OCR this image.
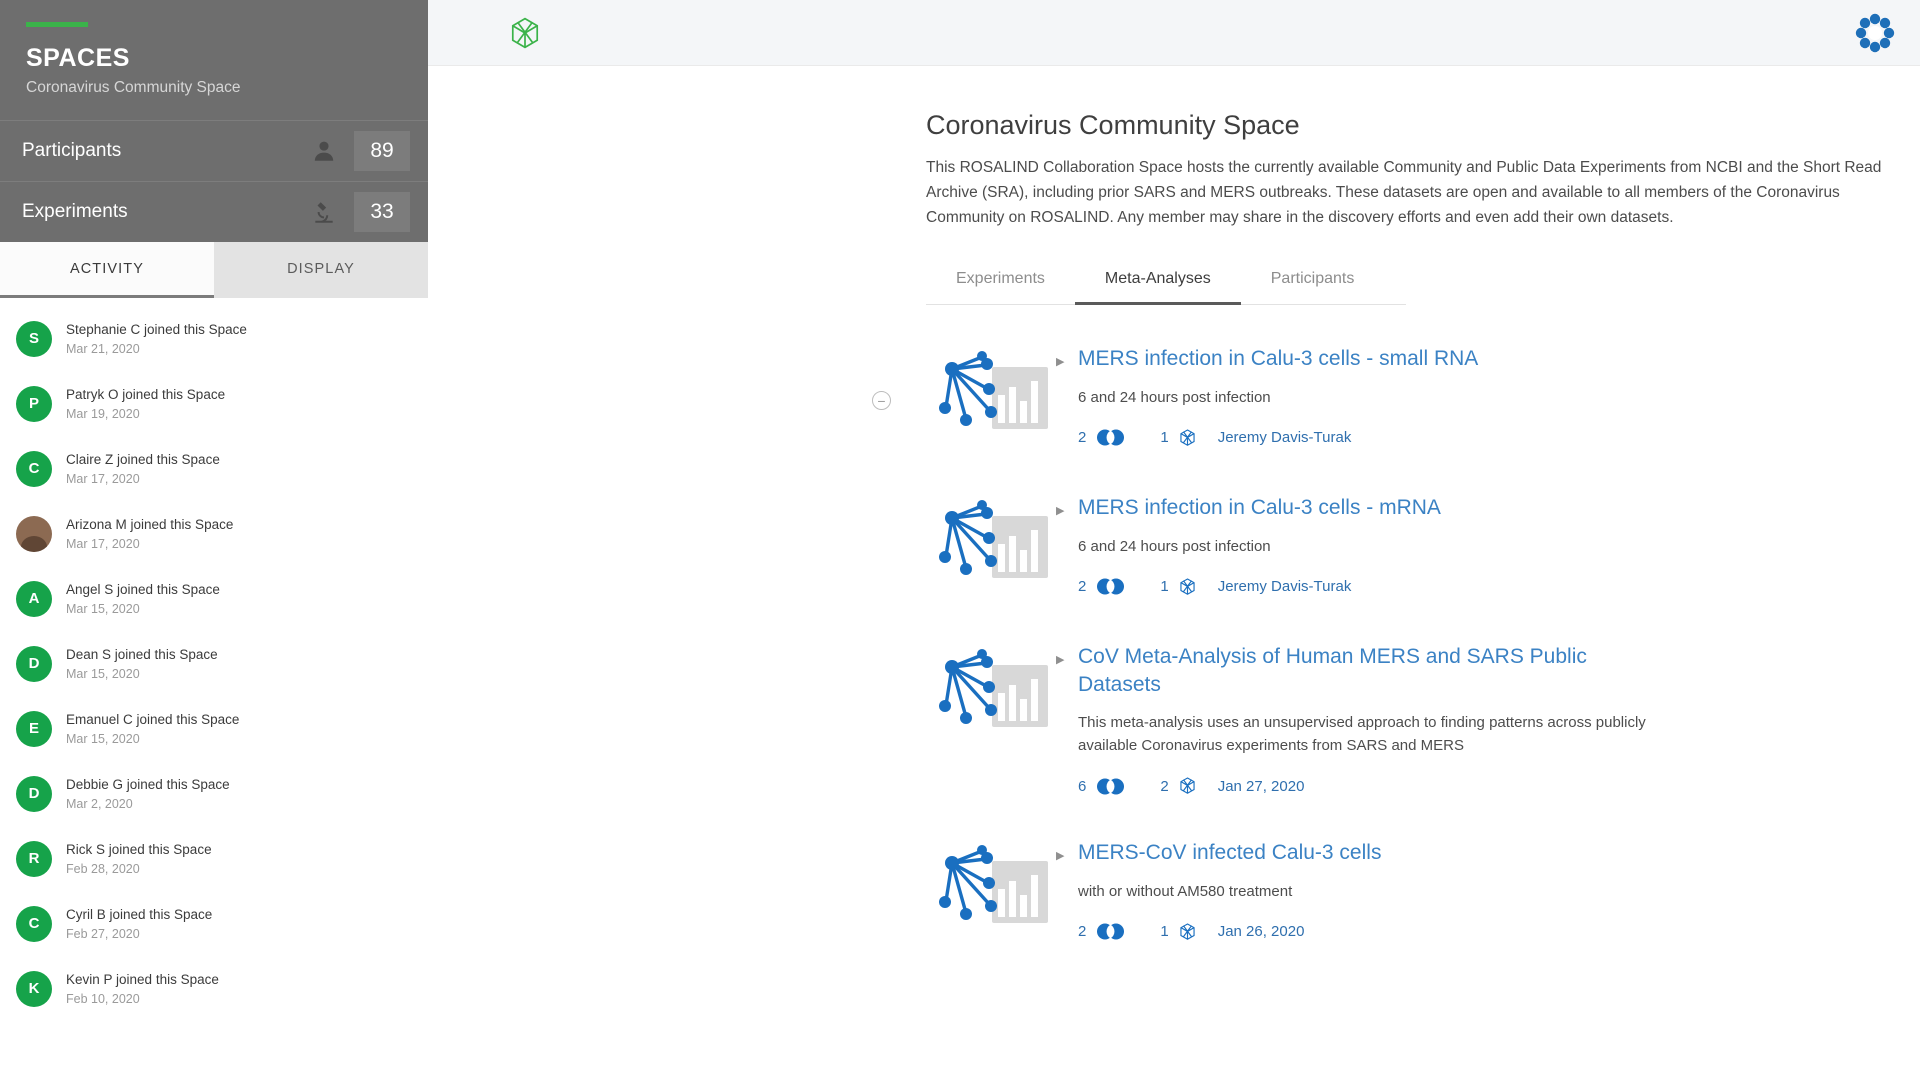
SPACES
Coronavirus Community Space
Participants	89
Experiments	33
ACTIVITY	DISPLAY
S
Stephanie C joined this Space
Mar 21, 2020
P
Patryk O joined this Space
Mar 19, 2020
C
Claire Z joined this Space
Mar 17, 2020
Arizona M joined this Space
Mar 17, 2020
A
Angel S joined this Space
Mar 15, 2020
D
Dean S joined this Space
Mar 15, 2020
E
Emanuel C joined this Space
Mar 15, 2020
D
Debbie G joined this Space
Mar 2, 2020
R
Rick S joined this Space
Feb 28, 2020
C
Cyril B joined this Space
Feb 27, 2020
K
Kevin P joined this Space
Feb 10, 2020
Coronavirus Community Space

This ROSALIND Collaboration Space hosts the currently available Community and Public Data Experiments from NCBI and the Short Read Archive (SRA), including prior SARS and MERS outbreaks. These datasets are open and available to all members of the Coronavirus Community on ROSALIND. Any member may share in the discovery efforts and even add their own datasets.

Experiments	Meta-Analyses	Participants
−
▶ MERS infection in Calu-3 cells - small RNA
6 and 24 hours post infection
2	1	Jeremy Davis-Turak
▶ MERS infection in Calu-3 cells - mRNA
6 and 24 hours post infection
2	1	Jeremy Davis-Turak
▶ CoV Meta-Analysis of Human MERS and SARS Public Datasets
This meta-analysis uses an unsupervised approach to finding patterns across publicly available Coronavirus experiments from SARS and MERS
6	2	Jan 27, 2020
▶ MERS-CoV infected Calu-3 cells
with or without AM580 treatment
2	1	Jan 26, 2020
